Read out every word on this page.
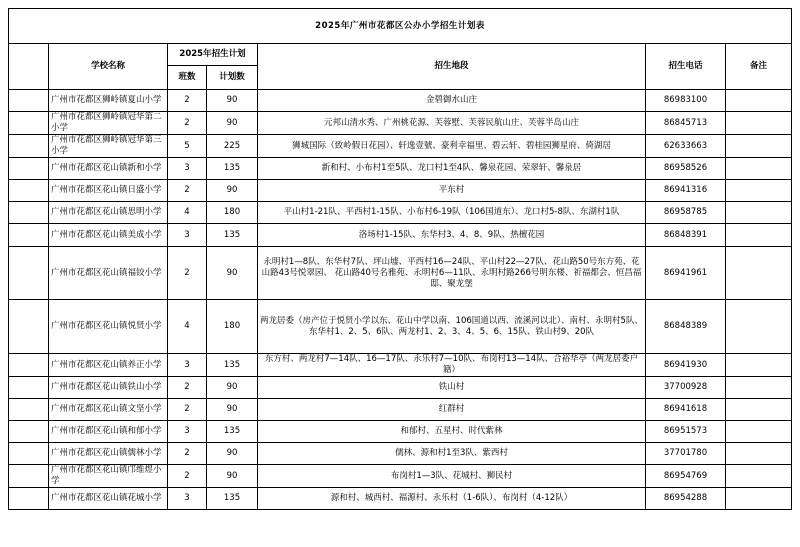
2025年广州市花都区公办小学招生计划表						
	学校名称	2025年招生计划		招生地段	招生电话	备注
		班数	计划数			
	广州市花都区狮岭镇夏山小学	2	90	金碧御水山庄	86983100	
	广州市花都区狮岭镇冠华第二小学	2	90	元邦山清水秀、广州桃花源、芙蓉墅、芙蓉民航山庄、芙蓉半岛山庄	86845713	
	广州市花都区狮岭镇冠华第三小学	5	225	狮城国际（致岭假日花园）、轩逸壹號、豪利幸福里、碧云轩、碧桂园狮星府、倚湖居	62633663	
	广州市花都区花山镇新和小学	3	135	新和村、小布村1至5队、龙口村1至4队、馨泉花园、荣翠轩、馨泉居	86958526	
	广州市花都区花山镇日盛小学	2	90	平东村	86941316	
	广州市花都区花山镇思明小学	4	180	平山村1-21队、平西村1-15队、小布村6-19队（106国道东）、龙口村5-8队、东湖村1队	86958785	
	广州市花都区花山镇美成小学	3	135	洛场村1-15队、东华村3、4、8、9队、热檀花园	86848391	
	广州市花都区花山镇福铰小学	2	90	永明村1—8队、东华村7队、坪山墟、平西村16—24队、平山村22—27队、花山路50号东方苑、花山路43号悦翠园、 花山路40号名雅苑、永明村6—11队、永明村路266号明东楼、祈福都会、恒昌福邸、聚龙堡	86941961	
	广州市花都区花山镇悦贤小学	4	180	两龙居委（房产位于悦贤小学以东、花山中学以南、106国道以西、流溪河以北）、南村、永明村5队、东华村1、2、5、6队、两龙村1、2、3、4、5、6、15队、铁山村9、20队	86848389	
	广州市花都区花山镇养正小学	3	135	东方村、两龙村7—14队、16—17队、永乐村7—10队、布岗村13—14队、合裕华亭（两龙居委户籍）	86941930	
	广州市花都区花山镇铁山小学	2	90	铁山村	37700928	
	广州市花都区花山镇文坚小学	2	90	红群村	86941618	
	广州市花都区花山镇和郁小学	3	135	和郁村、五星村、时代紫林	86951573	
	广州市花都区花山镇儒林小学	2	90	儒林、源和村1至3队、紫西村	37701780	
	广州市花都区花山镇邝维煜小学	2	90	布岗村1—3队、花城村、狮民村	86954769	
	广州市花都区花山镇花城小学	3	135	源和村、城西村、福源村、永乐村（1-6队）、布岗村（4-12队）	86954288	
